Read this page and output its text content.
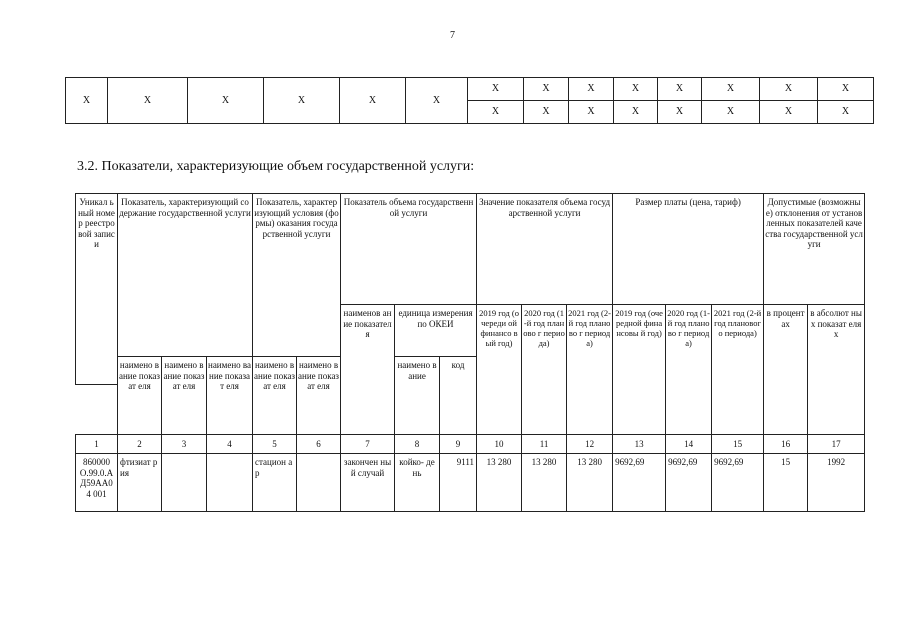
7
Х	Х	Х	Х	Х	Х	Х	Х	Х	Х	Х	Х	Х	Х
						Х	Х	Х	Х	Х	Х	Х	Х
3.2. Показатели, характеризующие объем государственной услуги:
Уникал ьный номер реестро вой записи	Показатель, характеризующий содержание государственной услуги			Показатель, характеризующий условия (формы) оказания государственной услуги		Показатель объема государственной услуги			Значение показателя объема государственной услуги			Размер платы (цена, тариф)			Допустимые (возможные) отклонения от установленных показателей качества государственной услуги	
						наименов ание показател я	единица измерения по ОКЕИ		2019 год (очереди ой финансо вый год)	2020 год (1-й год планово г периода)	2021 год (2-й год планово г периода)	2019 год (очередной финансовы й год)	2020 год (1-й год планово г периода)	2021 год (2-й год планового периода)	в процент ах	в абсолют ных показат елях
	наимено вание показат еля	наимено вание показат еля	наимено вание показат еля	наимено вание показат еля	наимено вание показат еля		наимено вание	код								

1	2	3	4	5	6	7	8	9	10	11	12	13	14	15	16	17
860000 О.99.0.А Д59АА04 001	фтизиат рия			стацион ар		закончен ный случай	койко- день	9111	13 280	13 280	13 280	9692,69	9692,69	9692,69	15	1992
